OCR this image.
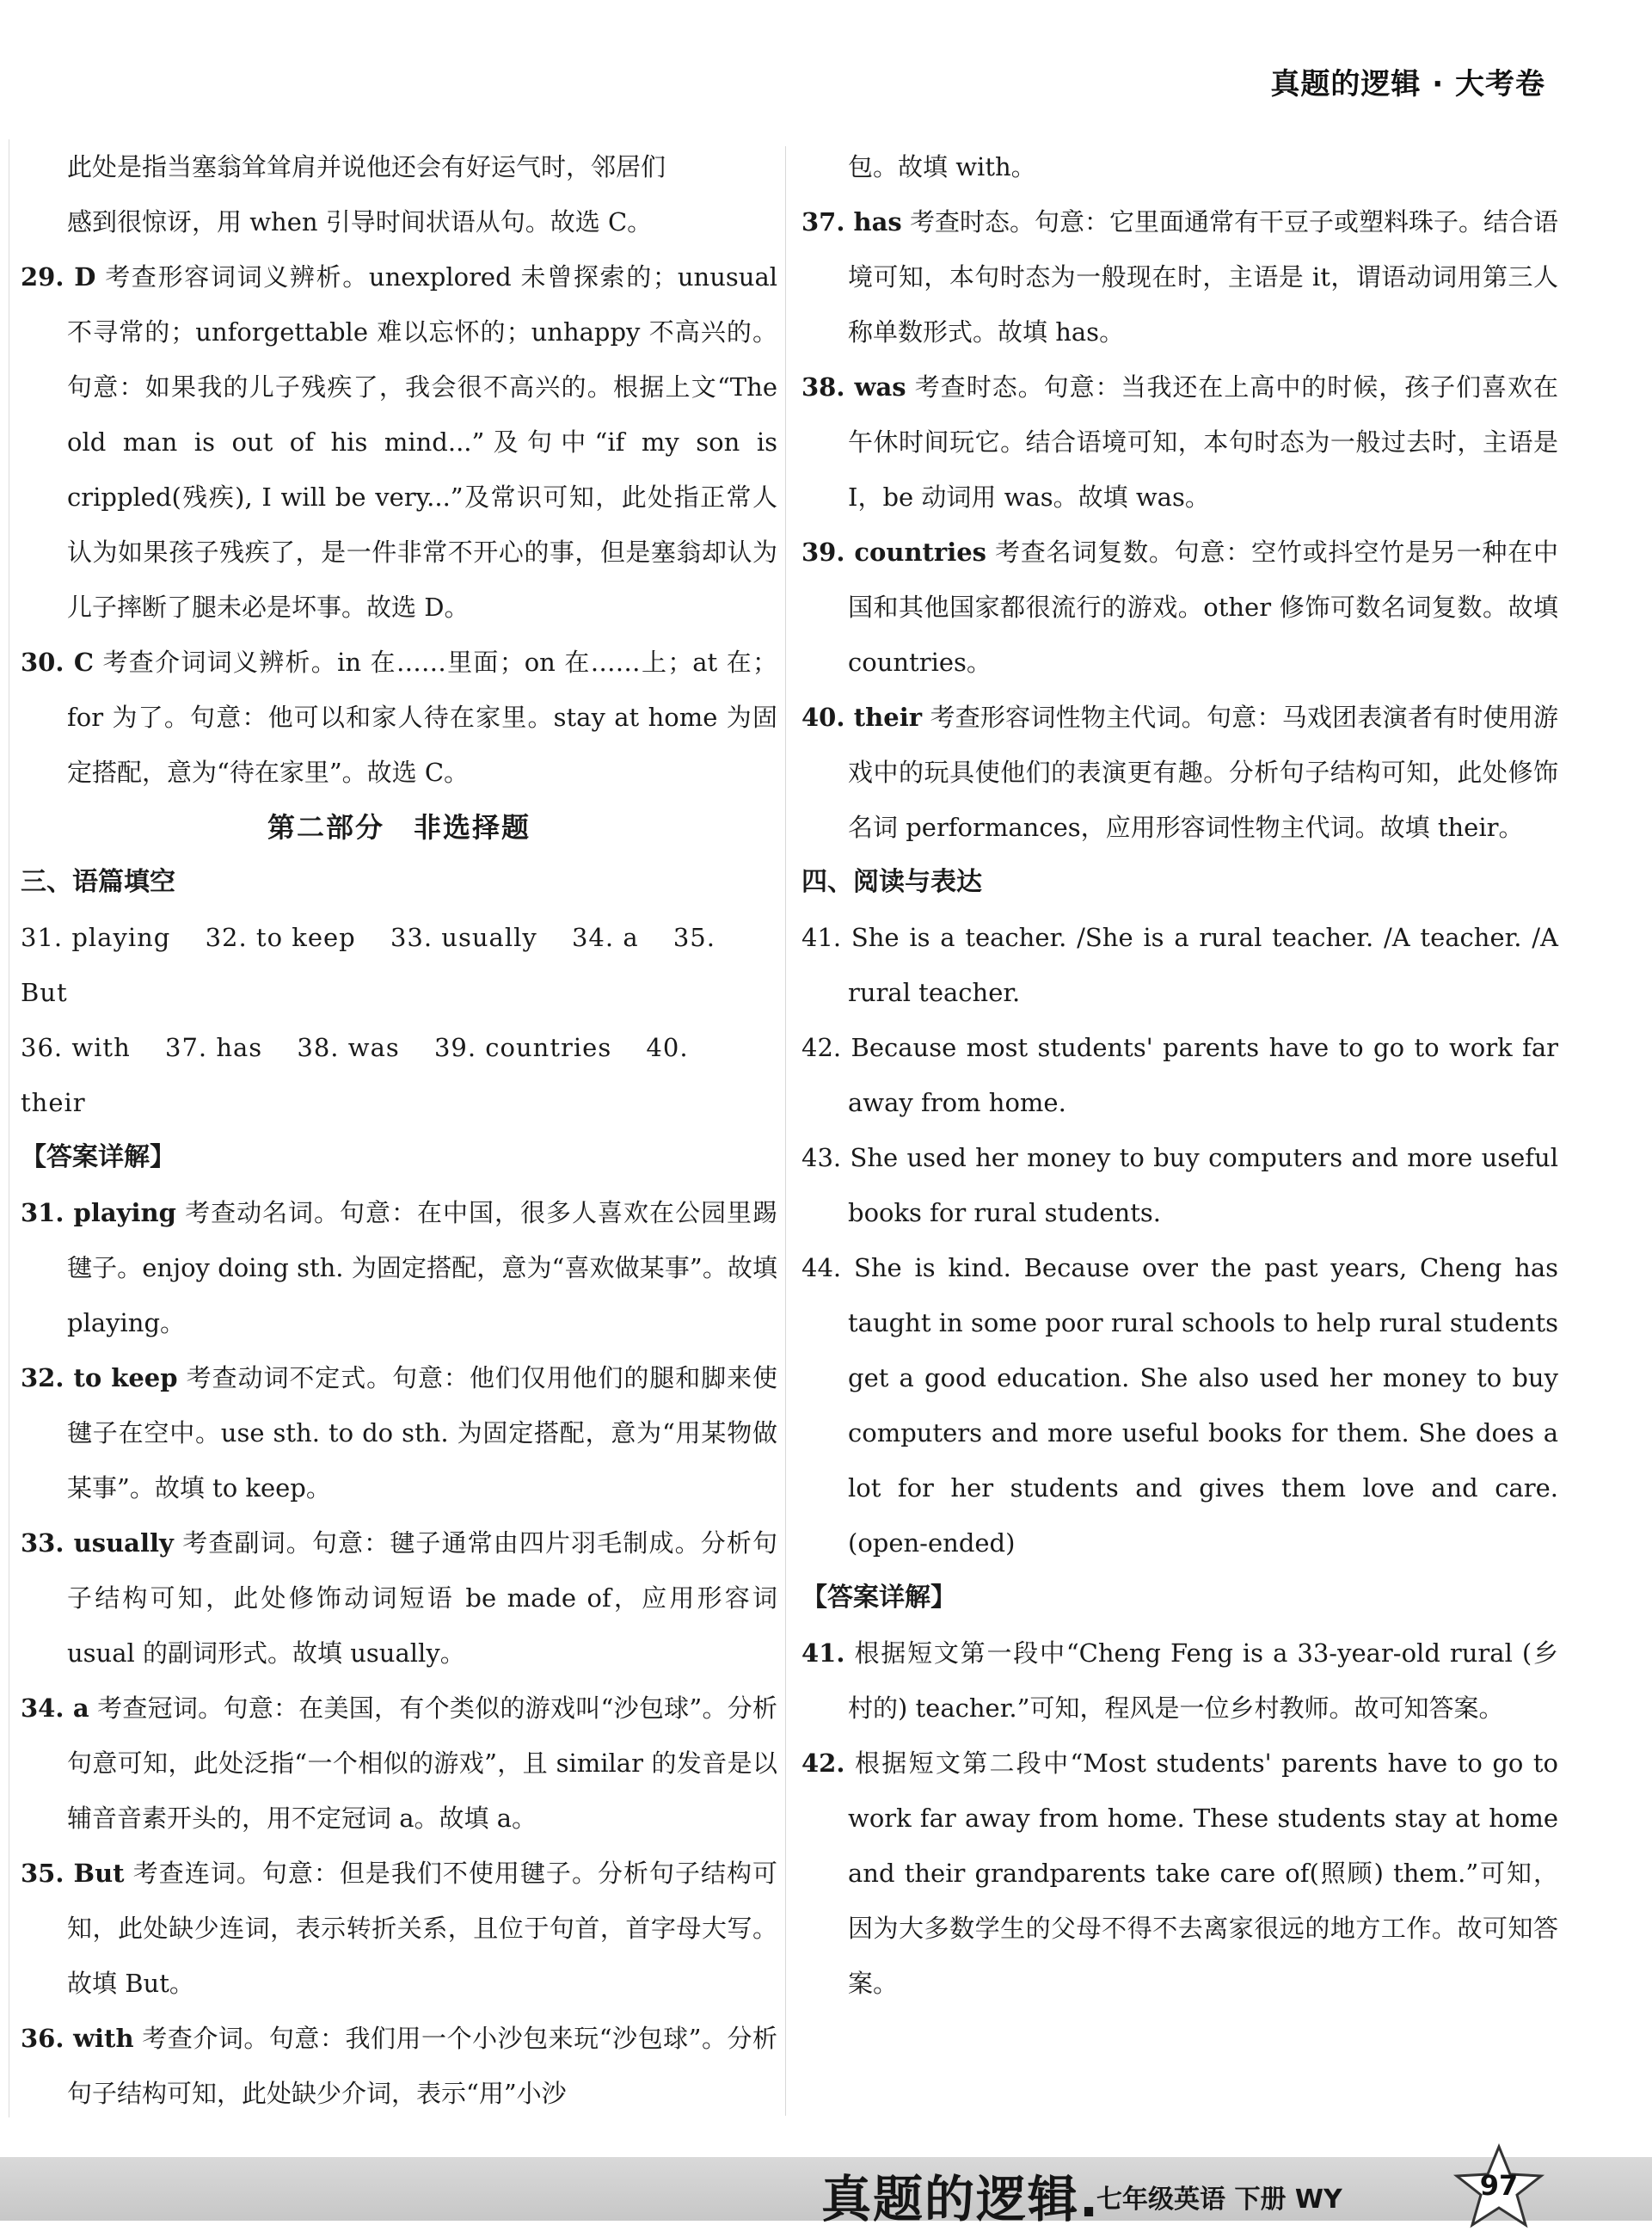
真题的逻辑 · 大考卷

此处是指当塞翁耸耸肩并说他还会有好运气时，邻居们

感到很惊讶，用 when 引导时间状语从句。故选 C。

29. D 考查形容词词义辨析。unexplored 未曾探索的；unusual 不寻常的；unforgettable 难以忘怀的；unhappy 不高兴的。句意：如果我的儿子残疾了，我会很不高兴的。根据上文“The old man is out of his mind...”及句中“if my son is crippled(残疾), I will be very...”及常识可知，此处指正常人认为如果孩子残疾了，是一件非常不开心的事，但是塞翁却认为儿子摔断了腿未必是坏事。故选 D。

30. C 考查介词词义辨析。in 在……里面；on 在……上；at 在；for 为了。句意：他可以和家人待在家里。stay at home 为固定搭配，意为“待在家里”。故选 C。

第二部分　非选择题

三、语篇填空

31. playing 32. to keep 33. usually 34. a 35. But

36. with 37. has 38. was 39. countries 40. their

【答案详解】

31. playing 考查动名词。句意：在中国，很多人喜欢在公园里踢毽子。enjoy doing sth. 为固定搭配，意为“喜欢做某事”。故填 playing。

32. to keep 考查动词不定式。句意：他们仅用他们的腿和脚来使毽子在空中。use sth. to do sth. 为固定搭配，意为“用某物做某事”。故填 to keep。

33. usually 考查副词。句意：毽子通常由四片羽毛制成。分析句子结构可知，此处修饰动词短语 be made of，应用形容词 usual 的副词形式。故填 usually。

34. a 考查冠词。句意：在美国，有个类似的游戏叫“沙包球”。分析句意可知，此处泛指“一个相似的游戏”，且 similar 的发音是以辅音音素开头的，用不定冠词 a。故填 a。

35. But 考查连词。句意：但是我们不使用毽子。分析句子结构可知，此处缺少连词，表示转折关系，且位于句首，首字母大写。故填 But。

36. with 考查介词。句意：我们用一个小沙包来玩“沙包球”。分析句子结构可知，此处缺少介词，表示“用”小沙

包。故填 with。

37. has 考查时态。句意：它里面通常有干豆子或塑料珠子。结合语境可知，本句时态为一般现在时，主语是 it，谓语动词用第三人称单数形式。故填 has。

38. was 考查时态。句意：当我还在上高中的时候，孩子们喜欢在午休时间玩它。结合语境可知，本句时态为一般过去时，主语是 I，be 动词用 was。故填 was。

39. countries 考查名词复数。句意：空竹或抖空竹是另一种在中国和其他国家都很流行的游戏。other 修饰可数名词复数。故填 countries。

40. their 考查形容词性物主代词。句意：马戏团表演者有时使用游戏中的玩具使他们的表演更有趣。分析句子结构可知，此处修饰名词 performances，应用形容词性物主代词。故填 their。

四、阅读与表达

41. She is a teacher. /She is a rural teacher. /A teacher. /A rural teacher.

42. Because most students' parents have to go to work far away from home.

43. She used her money to buy computers and more useful books for rural students.

44. She is kind. Because over the past years, Cheng has taught in some poor rural schools to help rural students get a good education. She also used her money to buy computers and more useful books for them. She does a lot for her students and gives them love and care. (open-ended)

【答案详解】

41. 根据短文第一段中“Cheng Feng is a 33-year-old rural (乡村的) teacher.”可知，程风是一位乡村教师。故可知答案。

42. 根据短文第二段中“Most students' parents have to go to work far away from home. These students stay at home and their grandparents take care of(照顾) them.”可知，因为大多数学生的父母不得不去离家很远的地方工作。故可知答案。

真题的逻辑.
七年级英语 下册 WY	97
